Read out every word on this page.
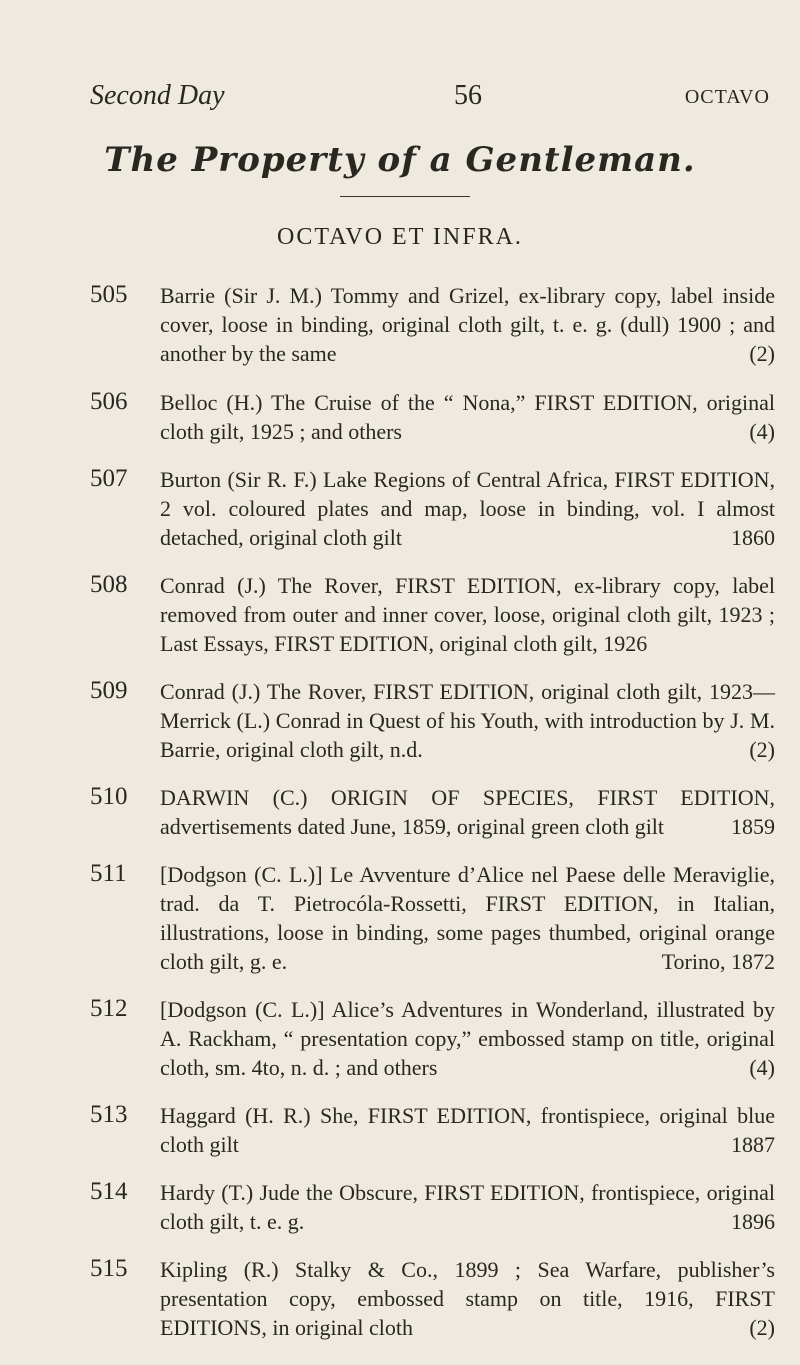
Second Day	56	OCTAVO
The Property of a Gentleman.
OCTAVO ET INFRA.
505 Barrie (Sir J. M.) Tommy and Grizel, ex-library copy, label inside cover, loose in binding, original cloth gilt, t. e. g. (dull) 1900 ; and another by the same	(2)
506 Belloc (H.) The Cruise of the “ Nona,” FIRST EDITION, original cloth gilt, 1925 ; and others	(4)
507 Burton (Sir R. F.) Lake Regions of Central Africa, FIRST EDITION, 2 vol. coloured plates and map, loose in binding, vol. I almost detached, original cloth gilt	1860
508 Conrad (J.) The Rover, FIRST EDITION, ex-library copy, label removed from outer and inner cover, loose, original cloth gilt, 1923 ; Last Essays, FIRST EDITION, original cloth gilt, 1926
509 Conrad (J.) The Rover, FIRST EDITION, original cloth gilt, 1923—Merrick (L.) Conrad in Quest of his Youth, with introduction by J. M. Barrie, original cloth gilt, n.d.	(2)
510 DARWIN (C.) ORIGIN OF SPECIES, FIRST EDITION, advertisements dated June, 1859, original green cloth gilt	1859
511 [Dodgson (C. L.)] Le Avventure d’Alice nel Paese delle Meraviglie, trad. da T. Pietrocóla-Rossetti, FIRST EDITION, in Italian, illustrations, loose in binding, some pages thumbed, original orange cloth gilt, g. e.	Torino, 1872
512 [Dodgson (C. L.)] Alice’s Adventures in Wonderland, illustrated by A. Rackham, “ presentation copy,” embossed stamp on title, original cloth, sm. 4to, n. d. ; and others	(4)
513 Haggard (H. R.) She, FIRST EDITION, frontispiece, original blue cloth gilt	1887
514 Hardy (T.) Jude the Obscure, FIRST EDITION, frontispiece, original cloth gilt, t. e. g.	1896
515 Kipling (R.) Stalky & Co., 1899 ; Sea Warfare, publisher’s presentation copy, embossed stamp on title, 1916, FIRST EDITIONS, in original cloth	(2)
